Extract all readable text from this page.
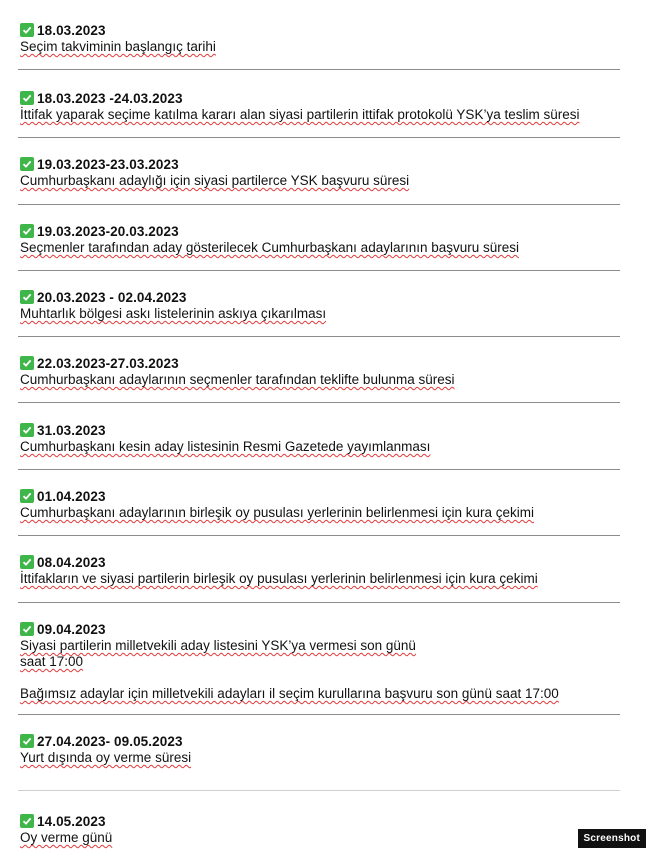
18.03.2023

Seçim takviminin başlangıç tarihi

18.03.2023 -24.03.2023

İttifak yaparak seçime katılma kararı alan siyasi partilerin ittifak protokolü YSK’ya teslim süresi

19.03.2023-23.03.2023

Cumhurbaşkanı adaylığı için siyasi partilerce YSK başvuru süresi

19.03.2023-20.03.2023

Seçmenler tarafından aday gösterilecek Cumhurbaşkanı adaylarının başvuru süresi

20.03.2023 - 02.04.2023

Muhtarlık bölgesi askı listelerinin askıya çıkarılması

22.03.2023-27.03.2023

Cumhurbaşkanı adaylarının seçmenler tarafından teklifte bulunma süresi

31.03.2023

Cumhurbaşkanı kesin aday listesinin Resmi Gazetede yayımlanması

01.04.2023

Cumhurbaşkanı adaylarının birleşik oy pusulası yerlerinin belirlenmesi için kura çekimi

08.04.2023

İttifakların ve siyasi partilerin birleşik oy pusulası yerlerinin belirlenmesi için kura çekimi

09.04.2023

Siyasi partilerin milletvekili aday listesini YSK’ya vermesi son günü

saat 17:00

Bağımsız adaylar için milletvekili adayları il seçim kurullarına başvuru son günü saat 17:00

27.04.2023- 09.05.2023

Yurt dışında oy verme süresi

14.05.2023

Oy verme günü	Screenshot
